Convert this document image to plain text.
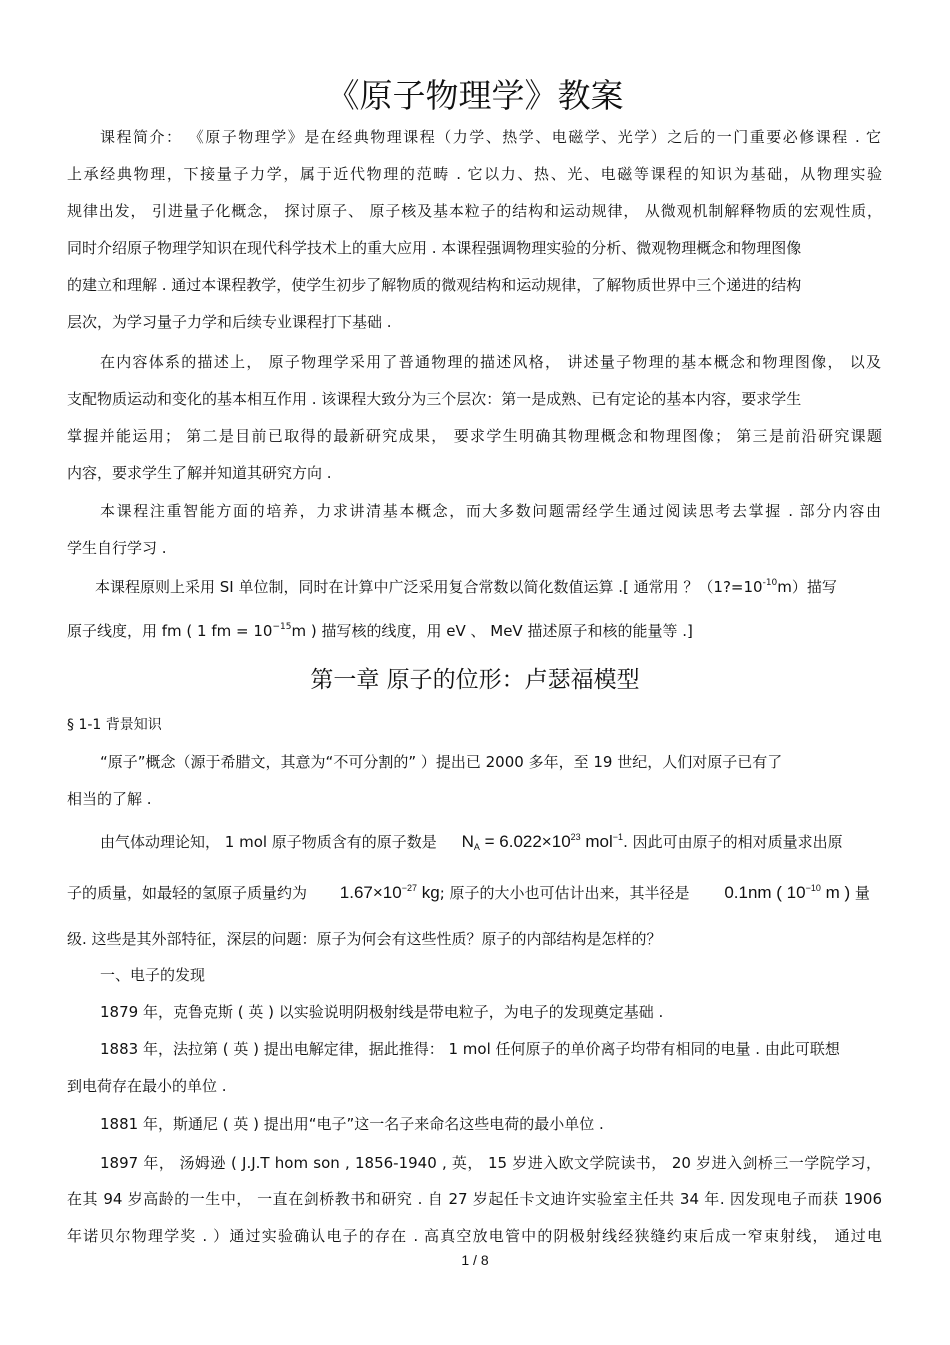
《原子物理学》教案
课程简介： 《原子物理学》是在经典物理课程（力学、热学、电磁学、光学）之后的一门重要必修课程 . 它
上承经典物理，下接量子力学，属于近代物理的范畴 . 它以力、热、光、电磁等课程的知识为基础，从物理实验
规律出发， 引进量子化概念， 探讨原子、 原子核及基本粒子的结构和运动规律， 从微观机制解释物质的宏观性质，
同时介绍原子物理学知识在现代科学技术上的重大应用 . 本课程强调物理实验的分析、微观物理概念和物理图像
的建立和理解 . 通过本课程教学，使学生初步了解物质的微观结构和运动规律，了解物质世界中三个递进的结构
层次，为学习量子力学和后续专业课程打下基础 .
在内容体系的描述上， 原子物理学采用了普通物理的描述风格， 讲述量子物理的基本概念和物理图像， 以及
支配物质运动和变化的基本相互作用 . 该课程大致分为三个层次：第一是成熟、已有定论的基本内容，要求学生
掌握并能运用； 第二是目前已取得的最新研究成果， 要求学生明确其物理概念和物理图像； 第三是前沿研究课题
内容，要求学生了解并知道其研究方向 .
本课程注重智能方面的培养，力求讲清基本概念，而大多数问题需经学生通过阅读思考去掌握 . 部分内容由
学生自行学习 .
本课程原则上采用 SI 单位制，同时在计算中广泛采用复合常数以简化数值运算 .[ 通常用 ？$(1?=10^{-10}m)$描写
原子线度，用 fm ( 1 fm = $10^{-15}m$ ) 描写核的线度，用 eV 、 MeV 描述原子和核的能量等 .]
第一章 原子的位形：卢瑟福模型
§ 1-1 背景知识
“原子”概念（源于希腊文，其意为“不可分割的” ）提出已 2000 多年，至 19 世纪，人们对原子已有了
相当的了解 .
由气体动理论知， 1 mol 原子物质含有的原子数是 $N_A = 6.022\times 10^{23}$ mol$^{-1}$. 因此可由原子的相对质量求出原
子的质量，如最轻的氢原子质量约为 $1.67\times 10^{-27}$ kg; 原子的大小也可估计出来，其半径是 0.1nm ( $10^{-10}$ m ) 量
级. 这些是其外部特征，深层的问题：原子为何会有这些性质？原子的内部结构是怎样的？
一、电子的发现
1879 年，克鲁克斯 ( 英 ) 以实验说明阴极射线是带电粒子，为电子的发现奠定基础 .
1883 年，法拉第 ( 英 ) 提出电解定律，据此推得： 1 mol 任何原子的单价离子均带有相同的电量 . 由此可联想
到电荷存在最小的单位 .
1881 年，斯通尼 ( 英 ) 提出用“电子”这一名子来命名这些电荷的最小单位 .
1897 年， 汤姆逊 ( J.J.T hom son , 1856-1940 , 英， 15 岁进入欧文学院读书， 20 岁进入剑桥三一学院学习，
在其 94 岁高龄的一生中， 一直在剑桥教书和研究 . 自 27 岁起任卡文迪许实验室主任共 34 年. 因发现电子而获 1906
年诺贝尔物理学奖 . ）通过实验确认电子的存在 . 高真空放电管中的阴极射线经狭缝约束后成一窄束射线， 通过电
1 / 8
